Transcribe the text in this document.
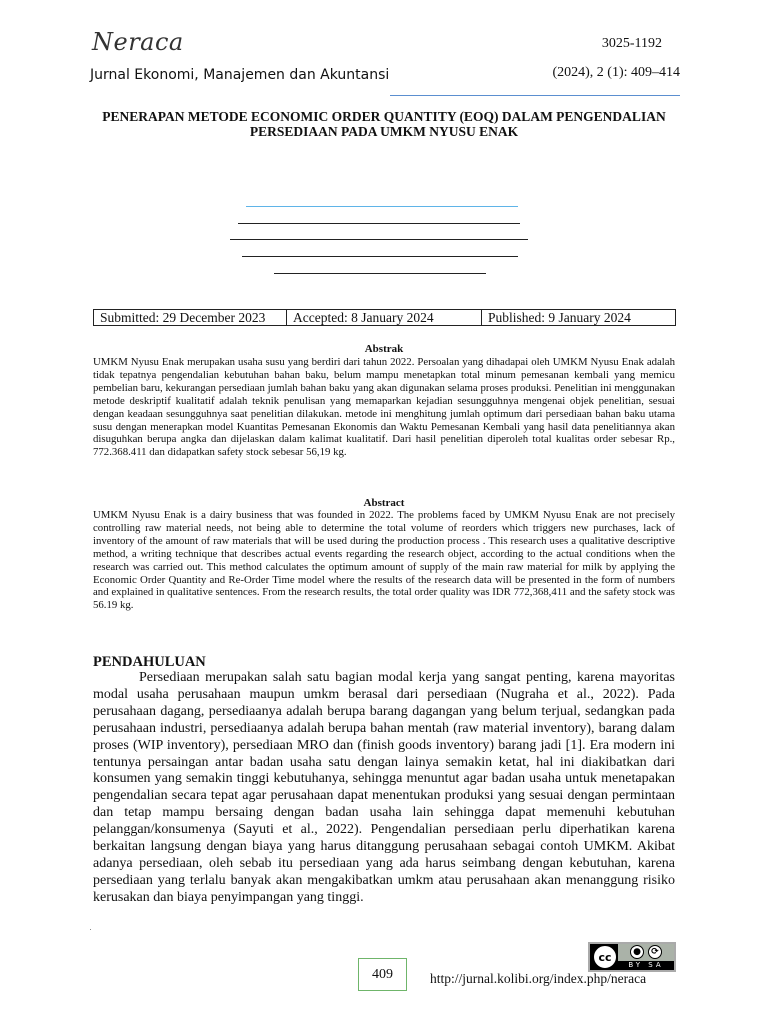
Neraca
Jurnal Ekonomi, Manajemen dan Akuntansi
3025-1192
(2024), 2 (1): 409–414
PENERAPAN METODE ECONOMIC ORDER QUANTITY (EOQ) DALAM PENGENDALIAN PERSEDIAAN PADA UMKM NYUSU ENAK
Submitted: 29 December 2023	Accepted: 8 January 2024	Published: 9 January 2024
Abstrak
UMKM Nyusu Enak merupakan usaha susu yang berdiri dari tahun 2022. Persoalan yang dihadapai oleh UMKM Nyusu Enak adalah tidak tepatnya pengendalian kebutuhan bahan baku, belum mampu menetapkan total minum pemesanan kembali yang memicu pembelian baru, kekurangan persediaan jumlah bahan baku yang akan digunakan selama proses produksi. Penelitian ini menggunakan metode deskriptif kualitatif adalah teknik penulisan yang memaparkan kejadian sesungguhnya mengenai objek penelitian, sesuai dengan keadaan sesungguhnya saat penelitian dilakukan. metode ini menghitung jumlah optimum dari persediaan bahan baku utama susu dengan menerapkan model Kuantitas Pemesanan Ekonomis dan Waktu Pemesanan Kembali yang hasil data penelitiannya akan disuguhkan berupa angka dan dijelaskan dalam kalimat kualitatif. Dari hasil penelitian diperoleh total kualitas order sebesar Rp., 772.368.411 dan didapatkan safety stock sebesar 56,19 kg.
Abstract
UMKM Nyusu Enak is a dairy business that was founded in 2022. The problems faced by UMKM Nyusu Enak are not precisely controlling raw material needs, not being able to determine the total volume of reorders which triggers new purchases, lack of inventory of the amount of raw materials that will be used during the production process . This research uses a qualitative descriptive method, a writing technique that describes actual events regarding the research object, according to the actual conditions when the research was carried out. This method calculates the optimum amount of supply of the main raw material for milk by applying the Economic Order Quantity and Re-Order Time model where the results of the research data will be presented in the form of numbers and explained in qualitative sentences. From the research results, the total order quality was IDR 772,368,411 and the safety stock was 56.19 kg.
PENDAHULUAN
Persediaan merupakan salah satu bagian modal kerja yang sangat penting, karena mayoritas modal usaha perusahaan maupun umkm berasal dari persediaan (Nugraha et al., 2022). Pada perusahaan dagang, persediaanya adalah berupa barang dagangan yang belum terjual, sedangkan pada perusahaan industri, persediaanya adalah berupa bahan mentah (raw material inventory), barang dalam proses (WIP inventory), persediaan MRO dan (finish goods inventory) barang jadi [1]. Era modern ini tentunya persaingan antar badan usaha satu dengan lainya semakin ketat, hal ini diakibatkan dari konsumen yang semakin tinggi kebutuhanya, sehingga menuntut agar badan usaha untuk menetapakan pengendalian secara tepat agar perusahaan dapat menentukan produksi yang sesuai dengan permintaan dan tetap mampu bersaing dengan badan usaha lain sehingga dapat memenuhi kebutuhan pelanggan/konsumenya (Sayuti et al., 2022). Pengendalian persediaan perlu diperhatikan karena berkaitan langsung dengan biaya yang harus ditanggung perusahaan sebagai contoh UMKM. Akibat adanya persediaan, oleh sebab itu persediaan yang ada harus seimbang dengan kebutuhan, karena persediaan yang terlalu banyak akan mengakibatkan umkm atau perusahaan akan menanggung risiko kerusakan dan biaya penyimpangan yang tinggi.
cc	●	⟳
BY SA
409	http://jurnal.kolibi.org/index.php/neraca
